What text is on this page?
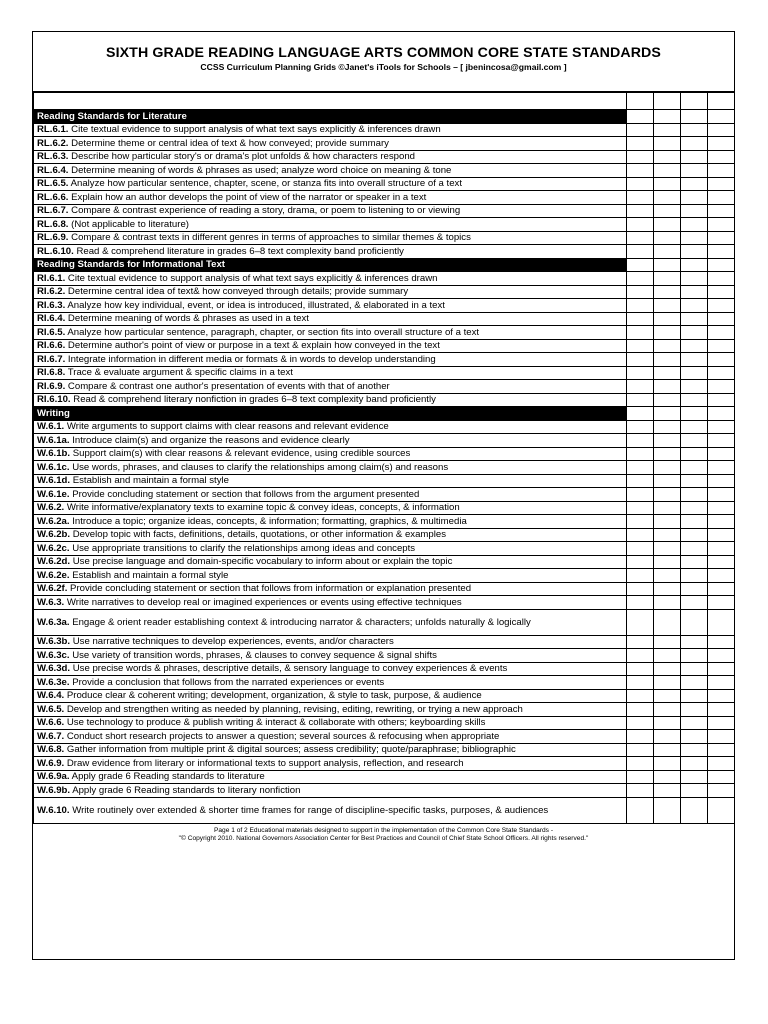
SIXTH GRADE READING LANGUAGE ARTS COMMON CORE STATE STANDARDS
CCSS Curriculum Planning Grids ©Janet's iTools for Schools – [ jbenincosa@gmail.com ]

Reading Standards for Literature				
RL.6.1. Cite textual evidence to support analysis of what text says explicitly & inferences drawn				
RL.6.2. Determine theme or central idea of text & how conveyed; provide summary				
RL.6.3. Describe how particular story's or drama's plot unfolds & how characters respond				
RL.6.4. Determine meaning of words & phrases as used; analyze word choice on meaning & tone				
RL.6.5. Analyze how particular sentence, chapter, scene, or stanza fits into overall structure of a text				
RL.6.6. Explain how an author develops the point of view of the narrator or speaker in a text				
RL.6.7. Compare & contrast experience of reading a story, drama, or poem to listening to or viewing				
RL.6.8. (Not applicable to literature)				
RL.6.9. Compare & contrast texts in different genres in terms of approaches to similar themes & topics				
RL.6.10. Read & comprehend literature in grades 6–8 text complexity band proficiently				
Reading Standards for Informational Text				
RI.6.1. Cite textual evidence to support analysis of what text says explicitly & inferences drawn				
RI.6.2. Determine central idea of text& how conveyed through details; provide summary				
RI.6.3. Analyze how key individual, event, or idea is introduced, illustrated, & elaborated in a text				
RI.6.4. Determine meaning of words & phrases as used in a text				
RI.6.5. Analyze how particular sentence, paragraph, chapter, or section fits into overall structure of a text				
RI.6.6. Determine author's point of view or purpose in a text & explain how conveyed in the text				
RI.6.7. Integrate information in different media or formats & in words to develop understanding				
RI.6.8. Trace & evaluate argument & specific claims in a text				
RI.6.9. Compare & contrast one author's presentation of events with that of another				
RI.6.10. Read & comprehend literary nonfiction in grades 6–8 text complexity band proficiently				
Writing				
W.6.1. Write arguments to support claims with clear reasons and relevant evidence				
W.6.1a. Introduce claim(s) and organize the reasons and evidence clearly				
W.6.1b. Support claim(s) with clear reasons & relevant evidence, using credible sources				
W.6.1c. Use words, phrases, and clauses to clarify the relationships among claim(s) and reasons				
W.6.1d. Establish and maintain a formal style				
W.6.1e. Provide concluding statement or section that follows from the argument presented				
W.6.2. Write informative/explanatory texts to examine topic & convey ideas, concepts, & information				
W.6.2a. Introduce a topic; organize ideas, concepts, & information; formatting, graphics, & multimedia				
W.6.2b. Develop topic with facts, definitions, details, quotations, or other information & examples				
W.6.2c. Use appropriate transitions to clarify the relationships among ideas and concepts				
W.6.2d. Use precise language and domain-specific vocabulary to inform about or explain the topic				
W.6.2e. Establish and maintain a formal style				
W.6.2f. Provide concluding statement or section that follows from information or explanation presented				
W.6.3. Write narratives to develop real or imagined experiences or events using effective techniques				
W.6.3a. Engage & orient reader establishing context & introducing narrator & characters; unfolds naturally & logically				
W.6.3b. Use narrative techniques to develop experiences, events, and/or characters				
W.6.3c. Use variety of transition words, phrases, & clauses to convey sequence & signal shifts				
W.6.3d. Use precise words & phrases, descriptive details, & sensory language to convey experiences & events				
W.6.3e. Provide a conclusion that follows from the narrated experiences or events				
W.6.4. Produce clear & coherent writing; development, organization, & style to task, purpose, & audience				
W.6.5. Develop and strengthen writing as needed by planning, revising, editing, rewriting, or trying a new approach				
W.6.6. Use technology to produce & publish writing & interact & collaborate with others; keyboarding skills				
W.6.7. Conduct short research projects to answer a question; several sources & refocusing when appropriate				
W.6.8. Gather information from multiple print & digital sources; assess credibility; quote/paraphrase; bibliographic				
W.6.9. Draw evidence from literary or informational texts to support analysis, reflection, and research				
W.6.9a. Apply grade 6 Reading standards to literature				
W.6.9b. Apply grade 6 Reading standards to literary nonfiction				
W.6.10. Write routinely over extended & shorter time frames for range of discipline-specific tasks, purposes, & audiences				
Page 1 of 2 Educational materials designed to support in the implementation of the Common Core State Standards -
"© Copyright 2010. National Governors Association Center for Best Practices and Council of Chief State School Officers. All rights reserved."
